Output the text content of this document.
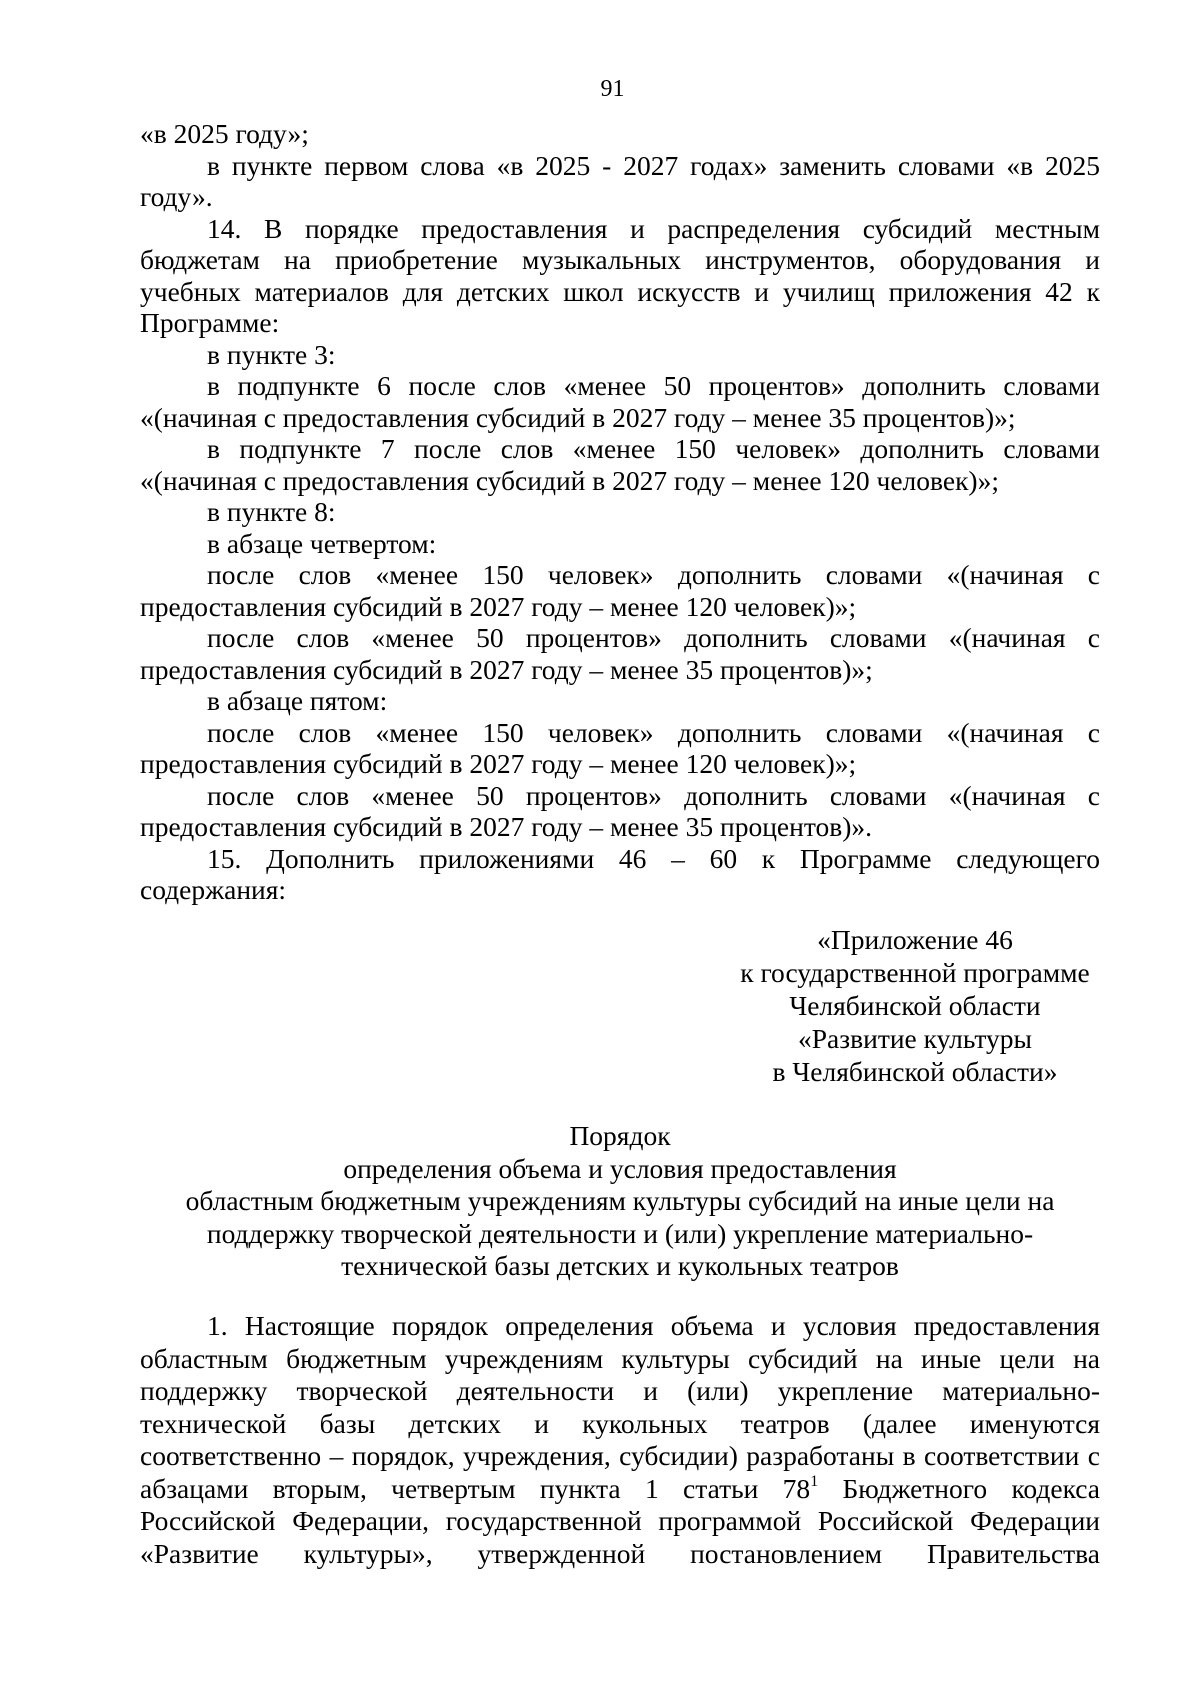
91

«в 2025 году»;

в пункте первом слова «в 2025 - 2027 годах» заменить словами «в 2025 году».

14. В порядке предоставления и распределения субсидий местным бюджетам на приобретение музыкальных инструментов, оборудования и учебных материалов для детских школ искусств и училищ приложения 42 к Программе:

в пункте 3:

в подпункте 6 после слов «менее 50 процентов» дополнить словами «(начиная с предоставления субсидий в 2027 году – менее 35 процентов)»;

в подпункте 7 после слов «менее 150 человек» дополнить словами «(начиная с предоставления субсидий в 2027 году – менее 120 человек)»;

в пункте 8:

в абзаце четвертом:

после слов «менее 150 человек» дополнить словами «(начиная с предоставления субсидий в 2027 году – менее 120 человек)»;

после слов «менее 50 процентов» дополнить словами «(начиная с предоставления субсидий в 2027 году – менее 35 процентов)»;

в абзаце пятом:

после слов «менее 150 человек» дополнить словами «(начиная с предоставления субсидий в 2027 году – менее 120 человек)»;

после слов «менее 50 процентов» дополнить словами «(начиная с предоставления субсидий в 2027 году – менее 35 процентов)».

15. Дополнить приложениями 46 – 60 к Программе следующего содержания:

«Приложение 46
к государственной программе
Челябинской области
«Развитие культуры
в Челябинской области»
Порядок
определения объема и условия предоставления
областным бюджетным учреждениям культуры субсидий на иные цели на
поддержку творческой деятельности и (или) укрепление материально-
технической базы детских и кукольных театров

1. Настоящие порядок определения объема и условия предоставления областным бюджетным учреждениям культуры субсидий на иные цели на поддержку творческой деятельности и (или) укрепление материально-технической базы детских и кукольных театров (далее именуются соответственно – порядок, учреждения, субсидии) разработаны в соответствии с абзацами вторым, четвертым пункта 1 статьи $78^1$ Бюджетного кодекса Российской Федерации, государственной программой Российской Федерации «Развитие культуры», утвержденной постановлением Правительства
